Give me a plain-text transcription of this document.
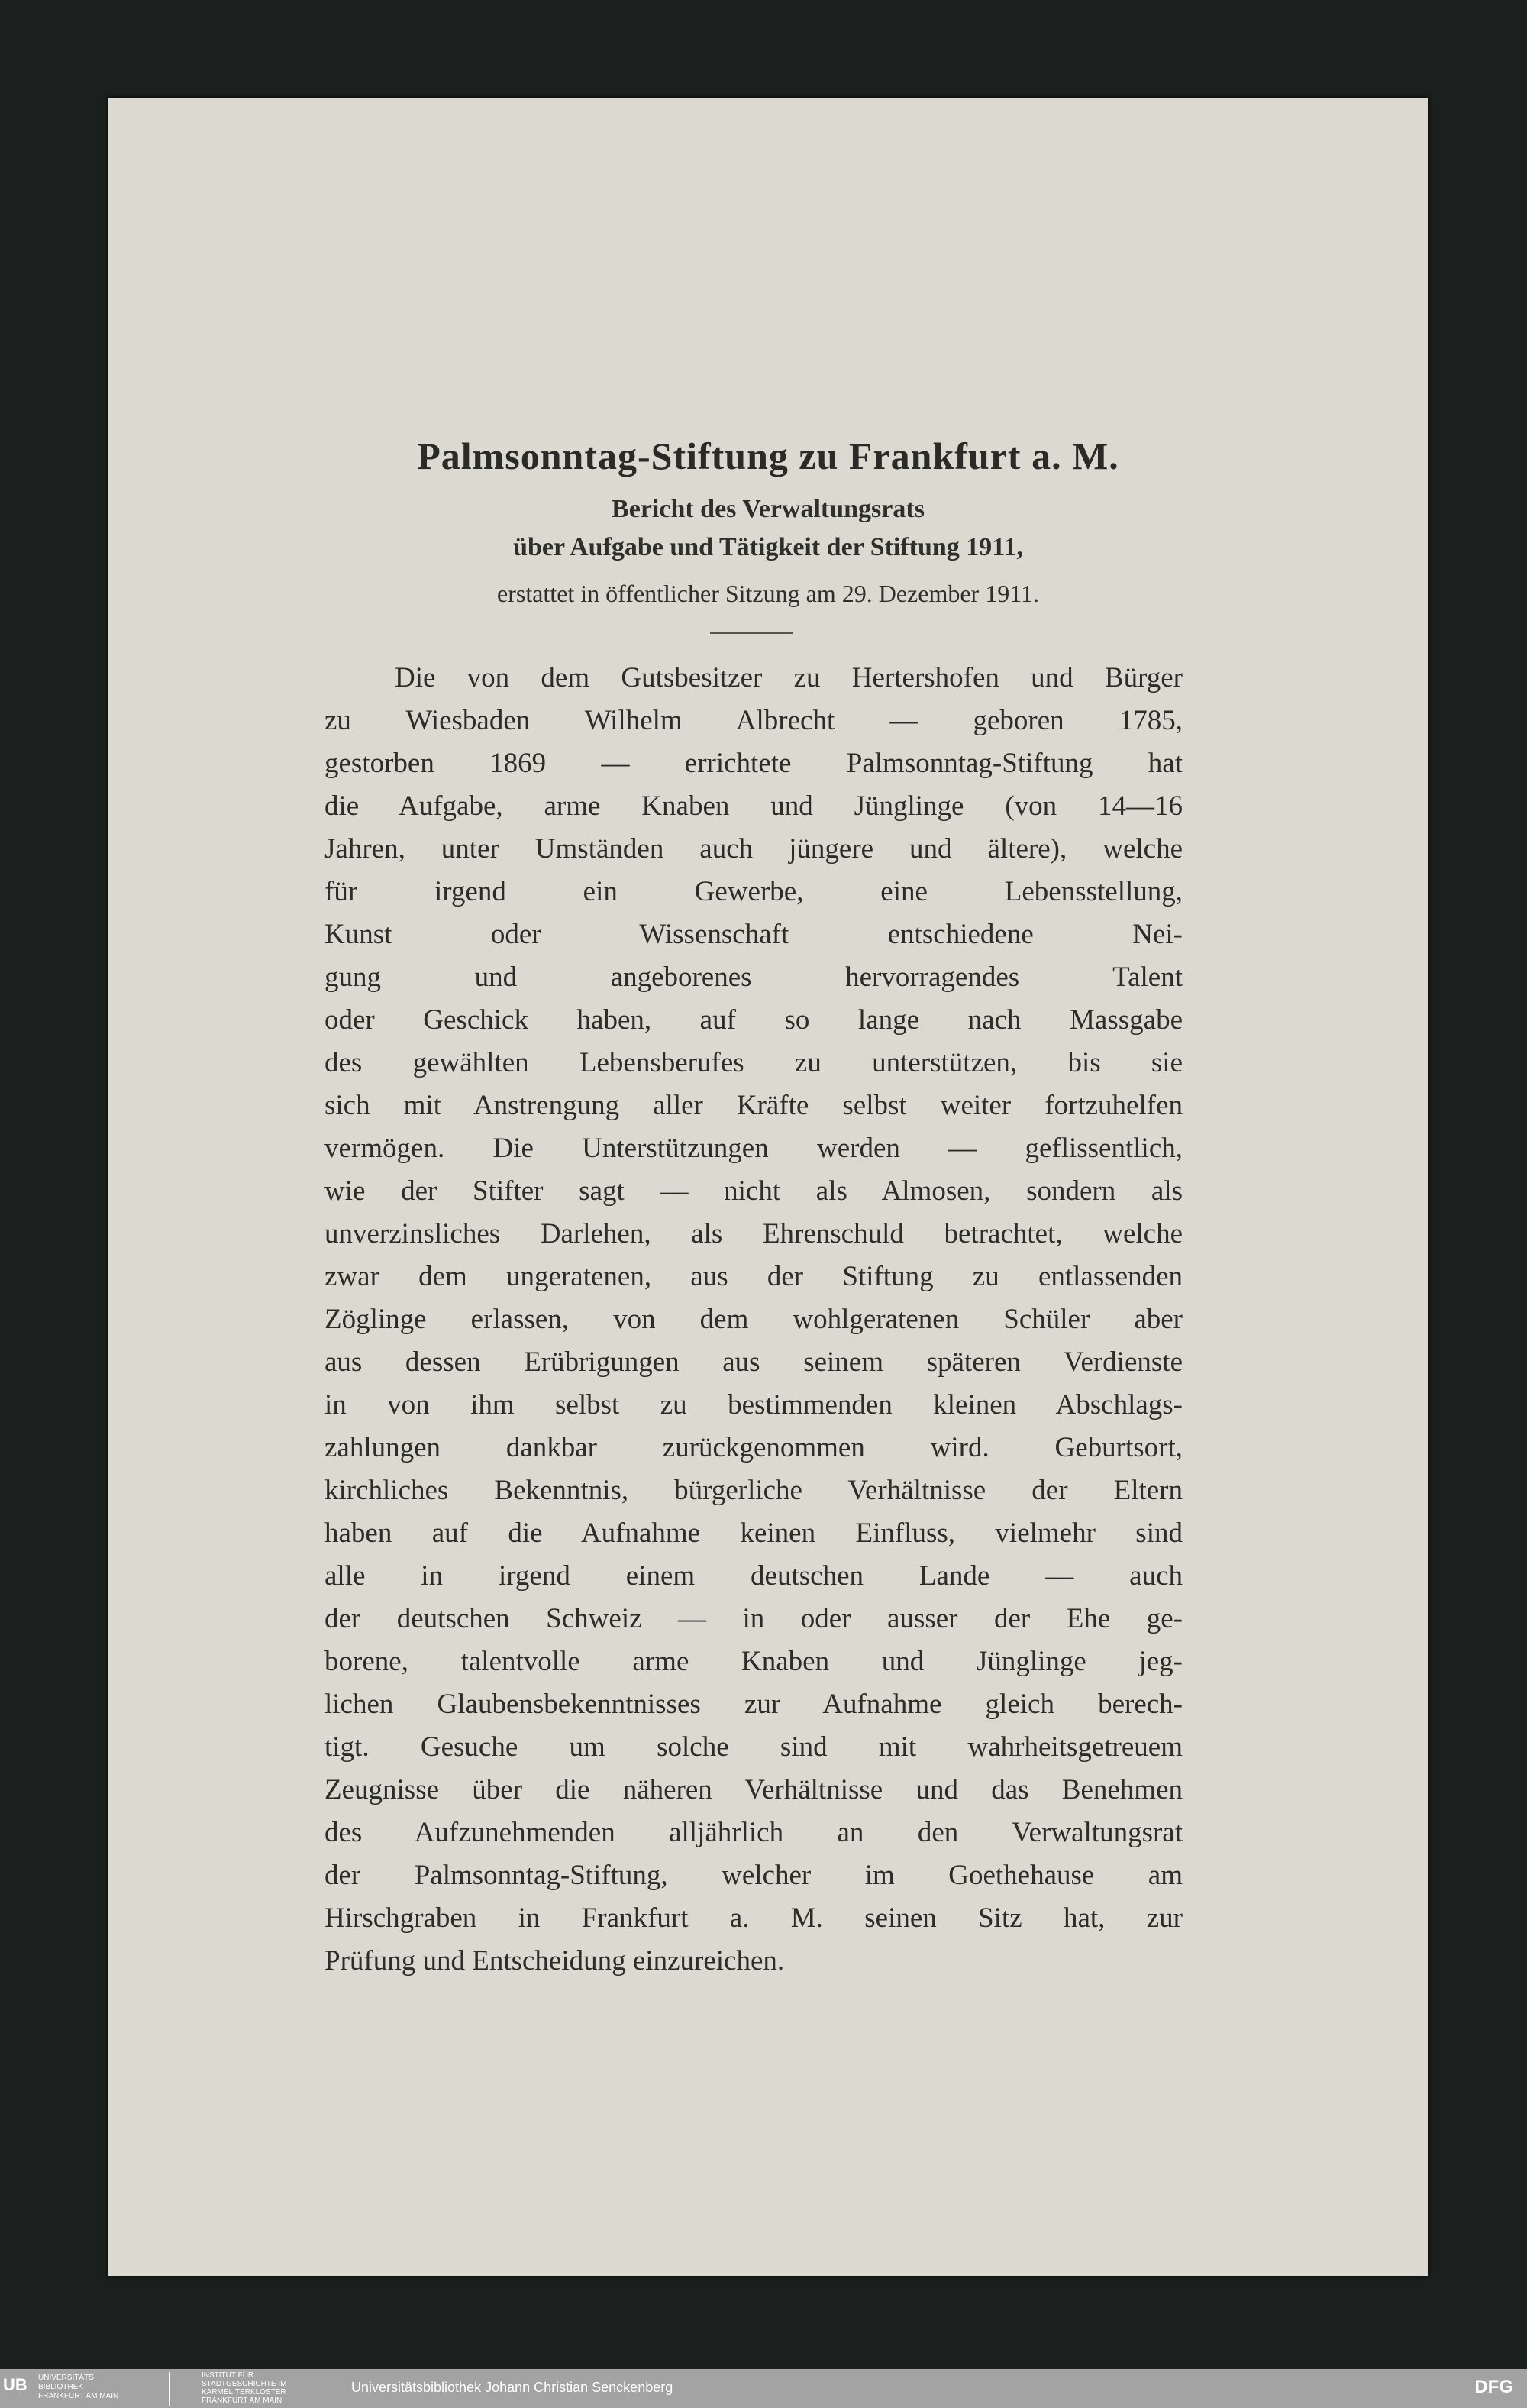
Palmsonntag-Stiftung zu Frankfurt a. M.
Bericht des Verwaltungsrats
über Aufgabe und Tätigkeit der Stiftung 1911,
erstattet in öffentlicher Sitzung am 29. Dezember 1911.
Die von dem Gutsbesitzer zu Hertershofen und Bürger
zu Wiesbaden Wilhelm Albrecht — geboren 1785,
gestorben 1869 — errichtete Palmsonntag-Stiftung hat
die Aufgabe, arme Knaben und Jünglinge (von 14—16
Jahren, unter Umständen auch jüngere und ältere), welche
für irgend ein Gewerbe, eine Lebensstellung,
Kunst oder Wissenschaft entschiedene Nei-
gung und angeborenes hervorragendes Talent
oder Geschick haben, auf so lange nach Massgabe
des gewählten Lebensberufes zu unterstützen, bis sie
sich mit Anstrengung aller Kräfte selbst weiter fortzuhelfen
vermögen. Die Unterstützungen werden — geflissentlich,
wie der Stifter sagt — nicht als Almosen, sondern als
unverzinsliches Darlehen, als Ehrenschuld betrachtet, welche
zwar dem ungeratenen, aus der Stiftung zu entlassenden
Zöglinge erlassen, von dem wohlgeratenen Schüler aber
aus dessen Erübrigungen aus seinem späteren Verdienste
in von ihm selbst zu bestimmenden kleinen Abschlags-
zahlungen dankbar zurückgenommen wird. Geburtsort,
kirchliches Bekenntnis, bürgerliche Verhältnisse der Eltern
haben auf die Aufnahme keinen Einfluss, vielmehr sind
alle in irgend einem deutschen Lande — auch
der deutschen Schweiz — in oder ausser der Ehe ge-
borene, talentvolle arme Knaben und Jünglinge jeg-
lichen Glaubensbekenntnisses zur Aufnahme gleich berech-
tigt. Gesuche um solche sind mit wahrheitsgetreuem
Zeugnisse über die näheren Verhältnisse und das Benehmen
des Aufzunehmenden alljährlich an den Verwaltungsrat
der Palmsonntag-Stiftung, welcher im Goethehause am
Hirschgraben in Frankfurt a. M. seinen Sitz hat, zur
Prüfung und Entscheidung einzureichen.
UB UNIVERSITÄTS BIBLIOTHEK FRANKFURT AM MAIN
INSTITUT FÜR STADTGESCHICHTE IM KARMELITERKLOSTER FRANKFURT AM MAIN
Universitätsbibliothek Johann Christian Senckenberg	DFG
